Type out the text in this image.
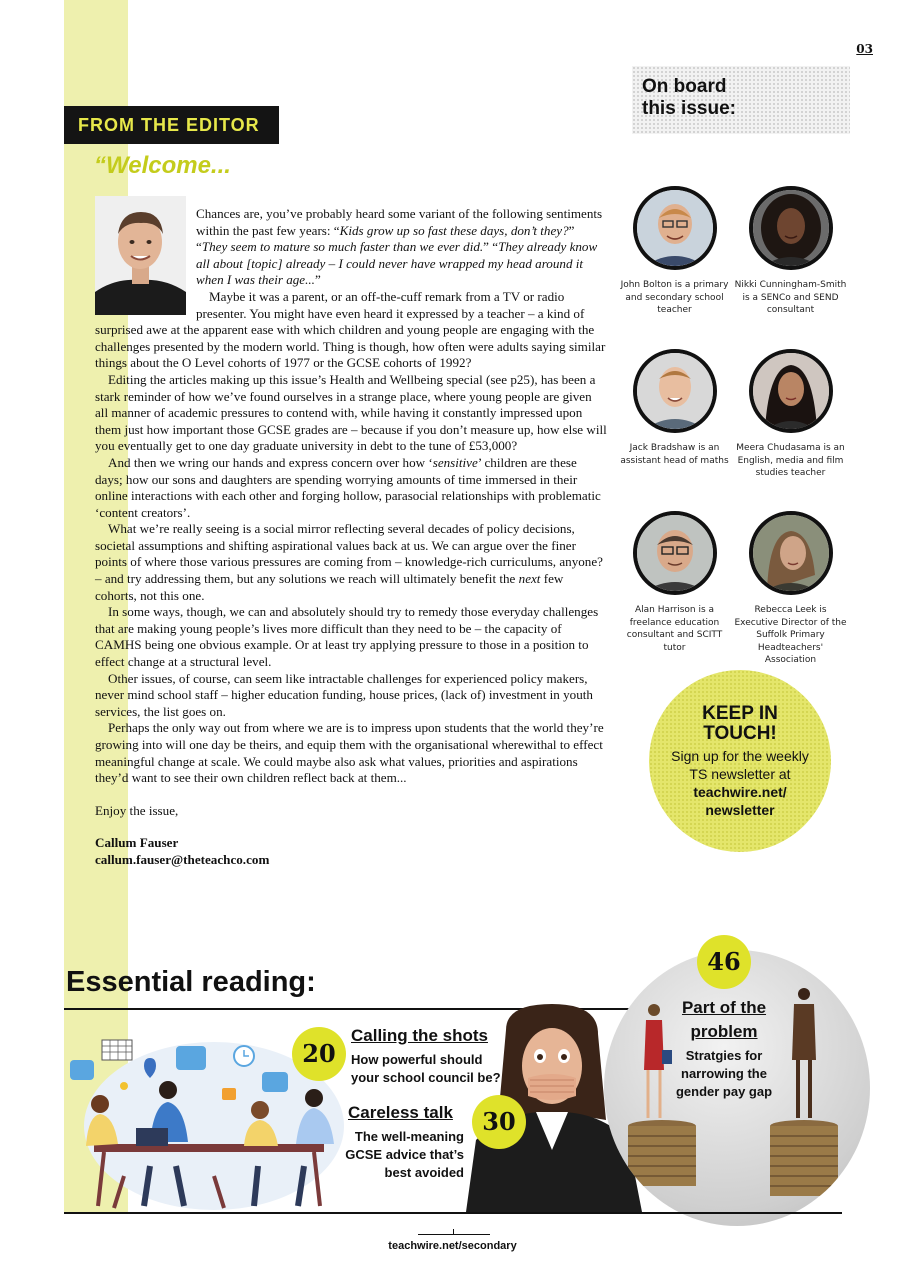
03
FROM THE EDITOR
“Welcome...

Chances are, you’ve probably heard some variant of the following sentiments within the past few years: “Kids grow up so fast these days, don’t they?” “They seem to mature so much faster than we ever did.” “They already know all about [topic] already – I could never have wrapped my head around it when I was their age...”

Maybe it was a parent, or an off-the-cuff remark from a TV or radio presenter. You might have even heard it expressed by a teacher – a kind of surprised awe at the apparent ease with which children and young people are engaging with the challenges presented by the modern world. Thing is though, how often were adults saying similar things about the O Level cohorts of 1977 or the GCSE cohorts of 1992?

Editing the articles making up this issue’s Health and Wellbeing special (see p25), has been a stark reminder of how we’ve found ourselves in a strange place, where young people are given all manner of academic pressures to contend with, while having it constantly impressed upon them just how important those GCSE grades are – because if you don’t measure up, how else will you eventually get to one day graduate university in debt to the tune of £53,000?

And then we wring our hands and express concern over how ‘sensitive’ children are these days; how our sons and daughters are spending worrying amounts of time immersed in their online interactions with each other and forging hollow, parasocial relationships with problematic ‘content creators’.

What we’re really seeing is a social mirror reflecting several decades of policy decisions, societal assumptions and shifting aspirational values back at us. We can argue over the finer points of where those various pressures are coming from – knowledge-rich curriculums, anyone? – and try addressing them, but any solutions we reach will ultimately benefit the next few cohorts, not this one.

In some ways, though, we can and absolutely should try to remedy those everyday challenges that are making young people’s lives more difficult than they need to be – the capacity of CAMHS being one obvious example. Or at least try applying pressure to those in a position to effect change at a structural level.

Other issues, of course, can seem like intractable challenges for experienced policy makers, never mind school staff – higher education funding, house prices, (lack of) investment in youth services, the list goes on.

Perhaps the only way out from where we are is to impress upon students that the world they’re growing into will one day be theirs, and equip them with the organisational wherewithal to effect meaningful change at scale. We could maybe also ask what values, priorities and aspirations they’d want to see their own children reflect back at them...

Enjoy the issue,

Callum Fauser

callum.fauser@theteachco.com

On board this issue:
John Bolton is a primary and secondary school teacher
Nikki Cunningham-Smith is a SENCo and SEND consultant
Jack Bradshaw is an assistant head of maths
Meera Chudasama is an English, media and film studies teacher
Alan Harrison is a freelance education consultant and SCITT tutor
Rebecca Leek is Executive Director of the Suffolk Primary Headteachers' Association
KEEP IN TOUCH!
Sign up for the weekly TS newsletter at teachwire.net/ newsletter
Essential reading:
20
Calling the shots
How powerful should your school council be?
Careless talk
The well-meaning GCSE advice that’s best avoided
30
46
Part of the problem
Stratgies for narrowing the gender pay gap
teachwire.net/secondary
